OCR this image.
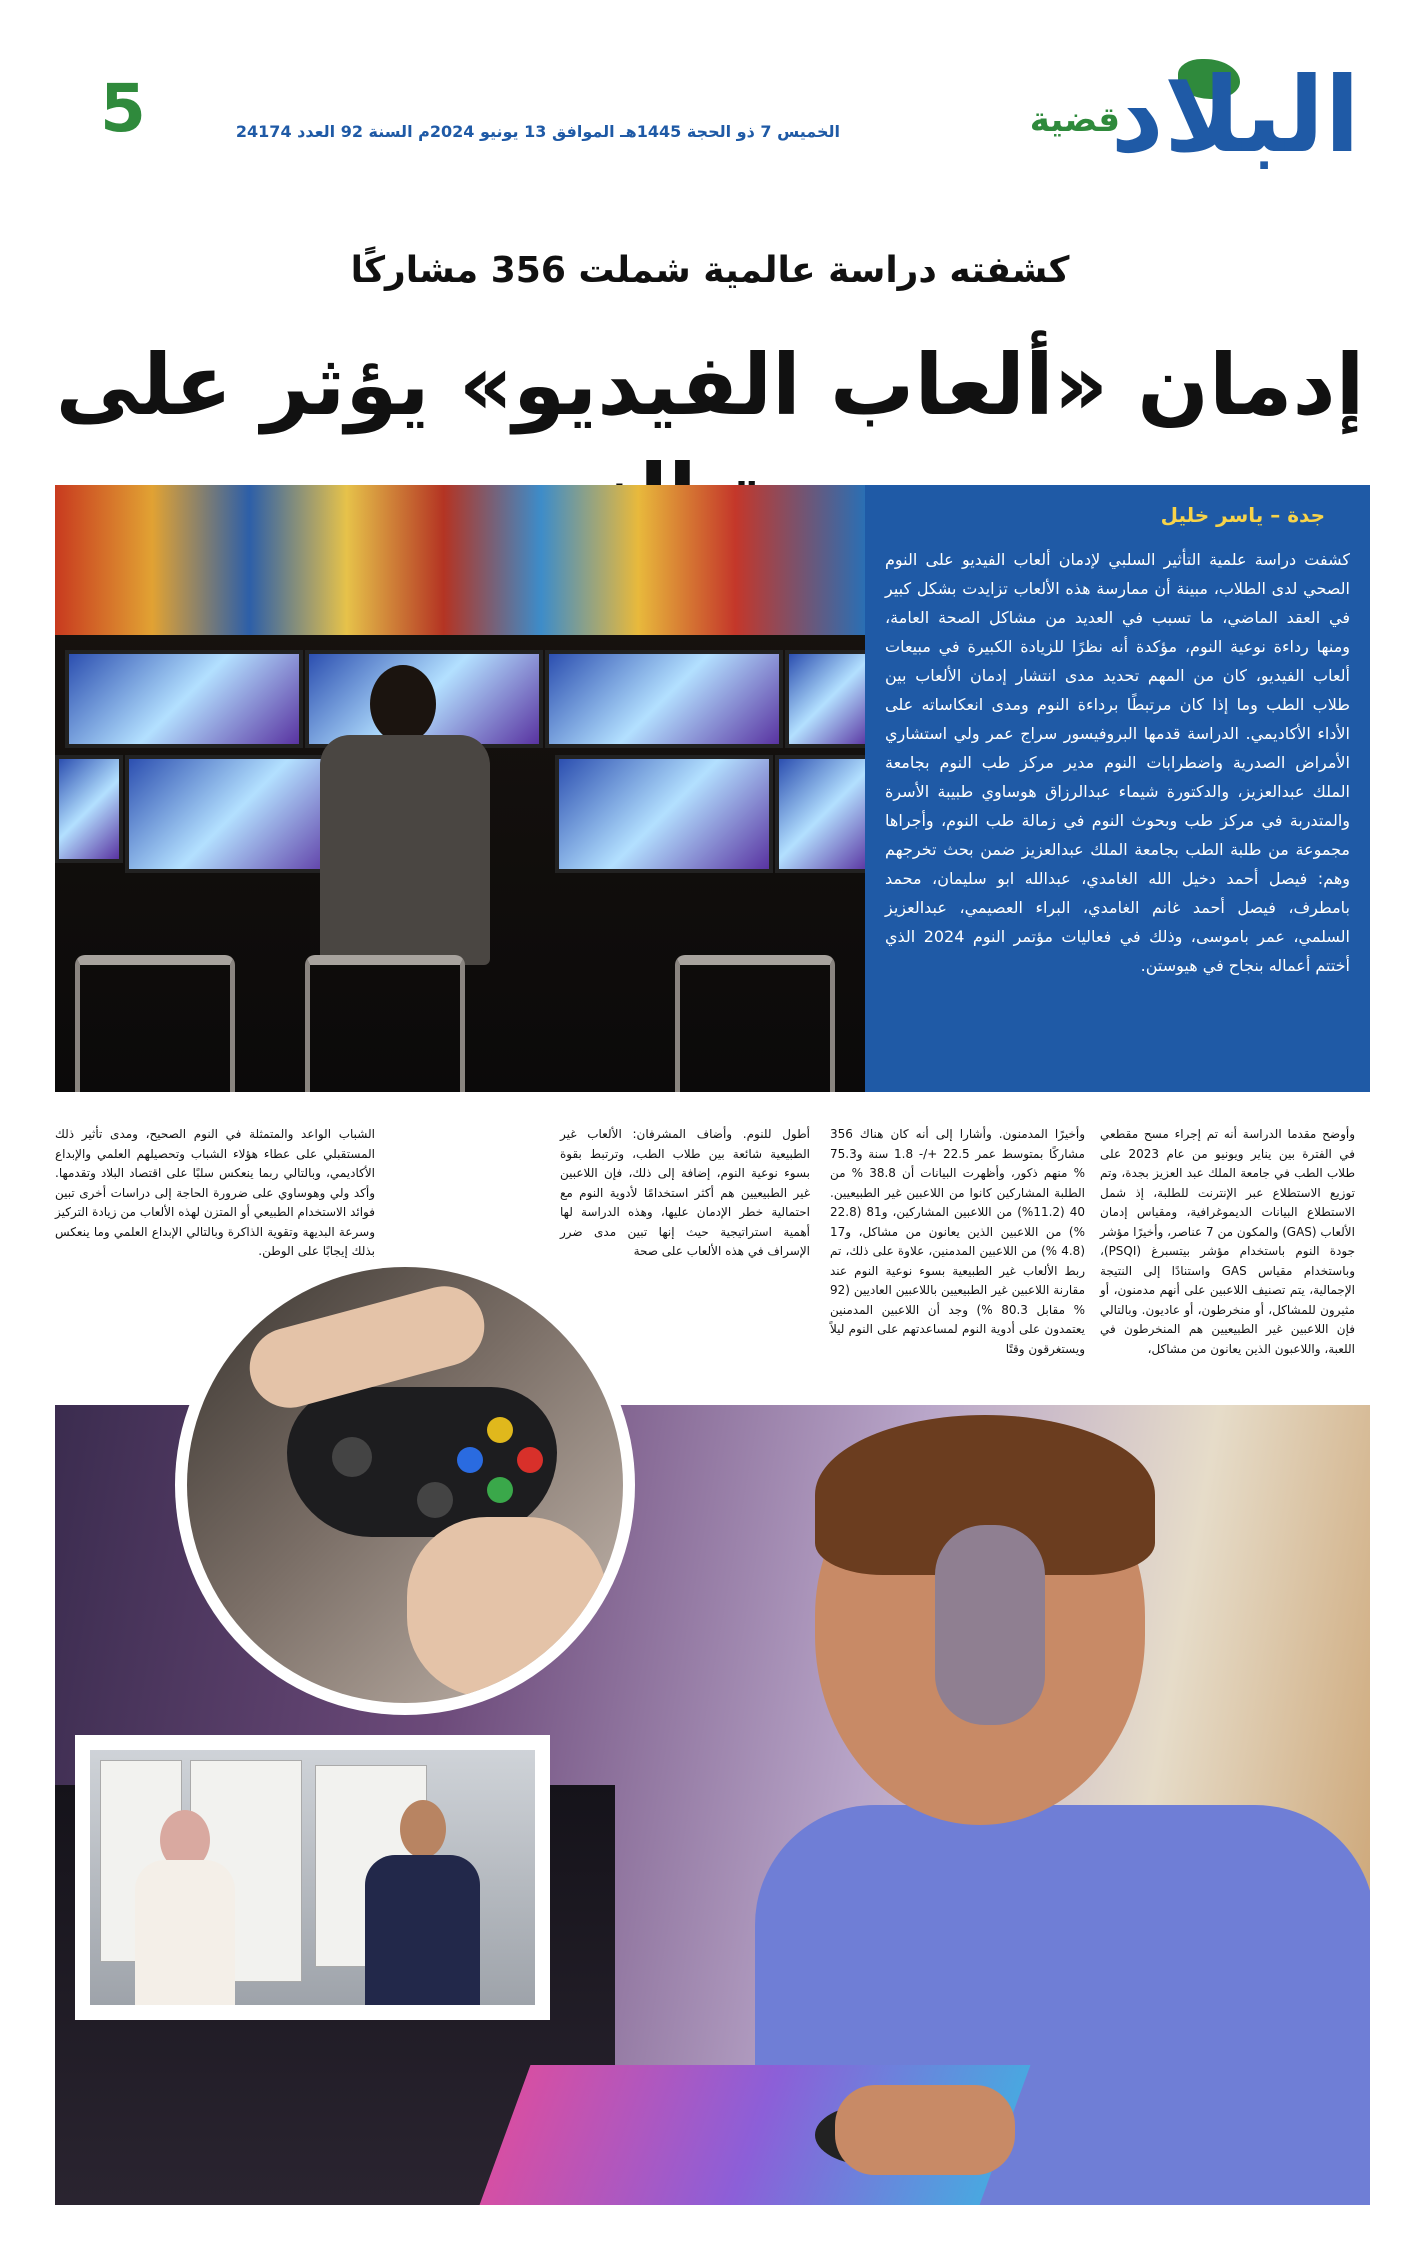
البلاد
قضية
الخميس 7 ذو الحجة 1445هـ الموافق 13 يونيو 2024م السنة 92 العدد 24174
5
كشفته دراسة عالمية شملت 356 مشاركًا
إدمان «ألعاب الفيديو» يؤثر على
جدة – ياسر خليل
كشفت دراسة علمية التأثير السلبي لإدمان ألعاب الفيديو على النوم الصحي لدى الطلاب، مبينة أن ممارسة هذه الألعاب تزايدت بشكل كبير في العقد الماضي، ما تسبب في العديد من مشاكل الصحة العامة، ومنها رداءة نوعية النوم، مؤكدة أنه نظرًا للزيادة الكبيرة في مبيعات ألعاب الفيديو، كان من المهم تحديد مدى انتشار إدمان الألعاب بين طلاب الطب وما إذا كان مرتبطًا برداءة النوم ومدى انعكاساته على الأداء الأكاديمي. الدراسة قدمها البروفيسور سراج عمر ولي استشاري الأمراض الصدرية واضطرابات النوم مدير مركز طب النوم بجامعة الملك عبدالعزيز، والدكتورة شيماء عبدالرزاق هوساوي طبيبة الأسرة والمتدربة في مركز طب وبحوث النوم في زمالة طب النوم، وأجراها مجموعة من طلبة الطب بجامعة الملك عبدالعزيز ضمن بحث تخرجهم وهم: فيصل أحمد دخيل الله الغامدي، عبدالله ابو سليمان، محمد بامطرف، فيصل أحمد غانم الغامدي، البراء العصيمي، عبدالعزيز السلمي، عمر باموسى، وذلك في فعاليات مؤتمر النوم 2024 الذي أختتم أعماله بنجاح في هيوستن.
وأوضح مقدما الدراسة أنه تم إجراء مسح مقطعي في الفترة بين يناير ويونيو من عام 2023 على طلاب الطب في جامعة الملك عبد العزيز بجدة، وتم توزيع الاستطلاع عبر الإنترنت للطلبة، إذ شمل الاستطلاع البيانات الديموغرافية، ومقياس إدمان الألعاب (GAS) والمكون من 7 عناصر، وأخيرًا مؤشر جودة النوم باستخدام مؤشر بيتسبرغ (PSQI)، وباستخدام مقياس GAS واستنادًا إلى النتيجة الإجمالية، يتم تصنيف اللاعبين على أنهم مدمنون، أو مثيرون للمشاكل، أو منخرطون، أو عاديون. وبالتالي فإن اللاعبين غير الطبيعيين هم المنخرطون في اللعبة، واللاعبون الذين يعانون من مشاكل،
وأخيرًا المدمنون. وأشارا إلى أنه كان هناك 356 مشاركًا بمتوسط عمر 22.5 +/- 1.8 سنة و75.3 % منهم ذكور، وأظهرت البيانات أن 38.8 % من الطلبة المشاركين كانوا من اللاعبين غير الطبيعيين. 40 (11.2%) من اللاعبين المشاركين، و81 (22.8 %) من اللاعبين الذين يعانون من مشاكل، و17 (4.8 %) من اللاعبين المدمنين، علاوة على ذلك، تم ربط الألعاب غير الطبيعية بسوء نوعية النوم عند مقارنة اللاعبين غير الطبيعيين باللاعبين العاديين (92 % مقابل 80.3 %) وجد أن اللاعبين المدمنين يعتمدون على أدوية النوم لمساعدتهم على النوم ليلاً ويستغرقون وقتًا
أطول للنوم. وأضاف المشرفان: الألعاب غير الطبيعية شائعة بين طلاب الطب، وترتبط بقوة بسوء نوعية النوم، إضافة إلى ذلك، فإن اللاعبين غير الطبيعيين هم أكثر استخدامًا لأدوية النوم مع احتمالية خطر الإدمان عليها، وهذه الدراسة لها أهمية استراتيجية حيث إنها تبين مدى ضرر الإسراف في هذه الألعاب على صحة
الشباب الواعد والمتمثلة في النوم الصحيح، ومدى تأثير ذلك المستقبلي على عطاء هؤلاء الشباب وتحصيلهم العلمي والإبداع الأكاديمي، وبالتالي ربما ينعكس سلبًا على اقتصاد البلاد وتقدمها. وأكد ولي وهوساوي على ضرورة الحاجة إلى دراسات أخرى تبين فوائد الاستخدام الطبيعي أو المتزن لهذه الألعاب من زيادة التركيز وسرعة البديهة وتقوية الذاكرة وبالتالي الإبداع العلمي وما ينعكس بذلك إيجابًا على الوطن.
